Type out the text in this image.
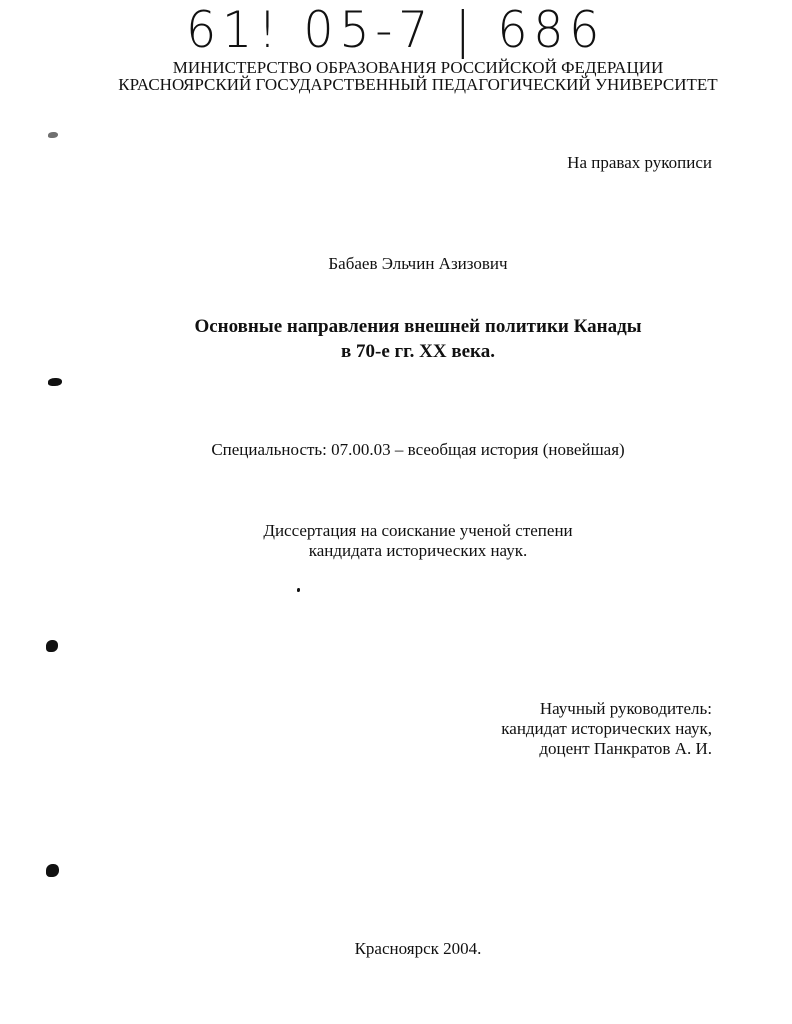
61! 05-7 | 686
МИНИСТЕРСТВО ОБРАЗОВАНИЯ РОССИЙСКОЙ ФЕДЕРАЦИИ
КРАСНОЯРСКИЙ ГОСУДАРСТВЕННЫЙ ПЕДАГОГИЧЕСКИЙ УНИВЕРСИТЕТ
На правах рукописи
Бабаев Эльчин Азизович
Основные направления внешней политики Канады
в 70-е гг. XX века.
Специальность: 07.00.03 – всеобщая история (новейшая)
Диссертация на соискание ученой степени
кандидата исторических наук.
Научный руководитель:
кандидат исторических наук,
доцент Панкратов А. И.
Красноярск 2004.
